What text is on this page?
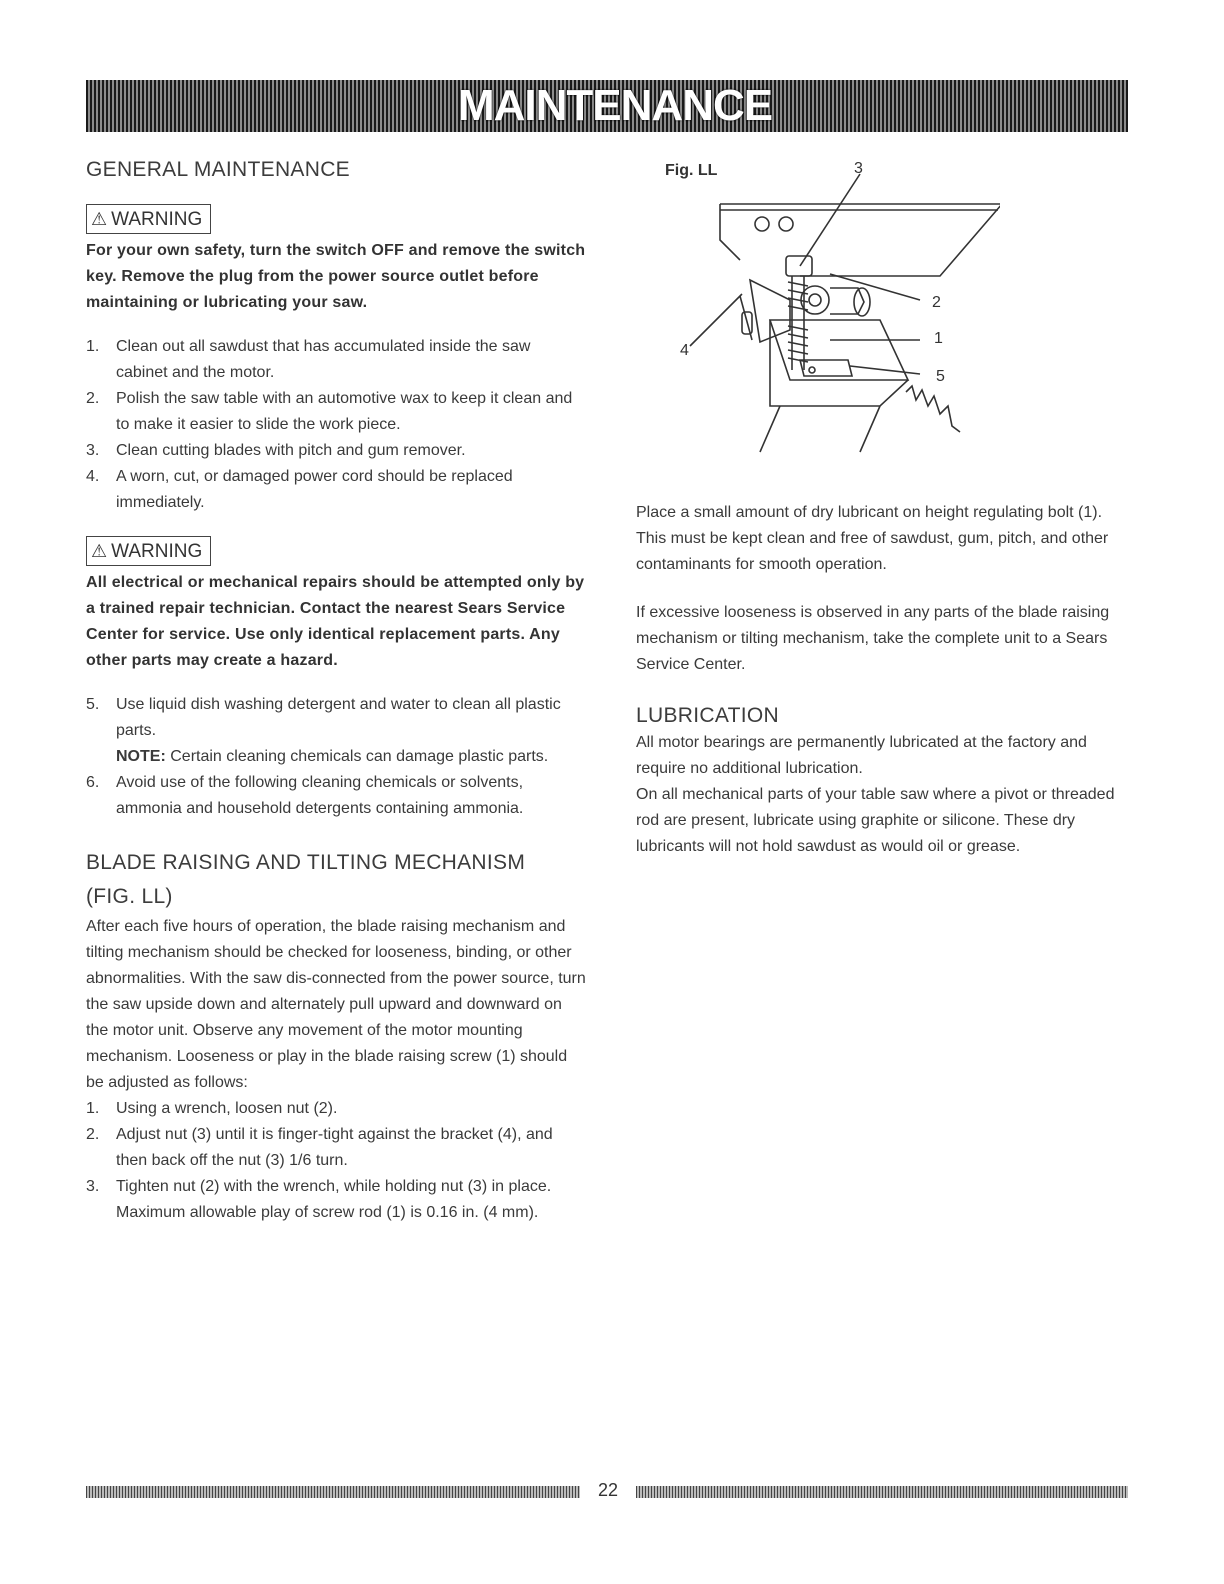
MAINTENANCE
GENERAL MAINTENANCE
⚠ WARNING

For your own safety, turn the switch OFF and remove the switch key. Remove the plug from the power source outlet before maintaining or lubricating your saw.

1. Clean out all sawdust that has accumulated inside the saw cabinet and the motor.
2. Polish the saw table with an automotive wax to keep it clean and to make it easier to slide the work piece.
3. Clean cutting blades with pitch and gum remover.
4. A worn, cut, or damaged power cord should be replaced immediately.
⚠ WARNING

All electrical or mechanical repairs should be attempted only by a trained repair technician. Contact the nearest Sears Service Center for service. Use only identical replacement parts. Any other parts may create a hazard.

5. Use liquid dish washing detergent and water to clean all plastic parts.
NOTE: Certain cleaning chemicals can damage plastic parts.
6. Avoid use of the following cleaning chemicals or solvents, ammonia and household detergents containing ammonia.
BLADE RAISING AND TILTING MECHANISM
(FIG. LL)

After each five hours of operation, the blade raising mechanism and tilting mechanism should be checked for looseness, binding, or other abnormalities. With the saw dis-connected from the power source, turn the saw upside down and alternately pull upward and downward on the motor unit. Observe any movement of the motor mounting mechanism. Looseness or play in the blade raising screw (1) should be adjusted as follows:

1. Using a wrench, loosen nut (2).
2. Adjust nut (3) until it is finger-tight against the bracket (4), and then back off the nut (3) 1/6 turn.
3. Tighten nut (2) with the wrench, while holding nut (3) in place. Maximum allowable play of screw rod (1) is 0.16 in. (4 mm).
Fig. LL	3
2
1
5
4

Place a small amount of dry lubricant on height regulating bolt (1). This must be kept clean and free of sawdust, gum, pitch, and other contaminants for smooth operation.

If excessive looseness is observed in any parts of the blade raising mechanism or tilting mechanism, take the complete unit to a Sears Service Center.

LUBRICATION

All motor bearings are permanently lubricated at the factory and require no additional lubrication.

On all mechanical parts of your table saw where a pivot or threaded rod are present, lubricate using graphite or silicone. These dry lubricants will not hold sawdust as would oil or grease.

22
